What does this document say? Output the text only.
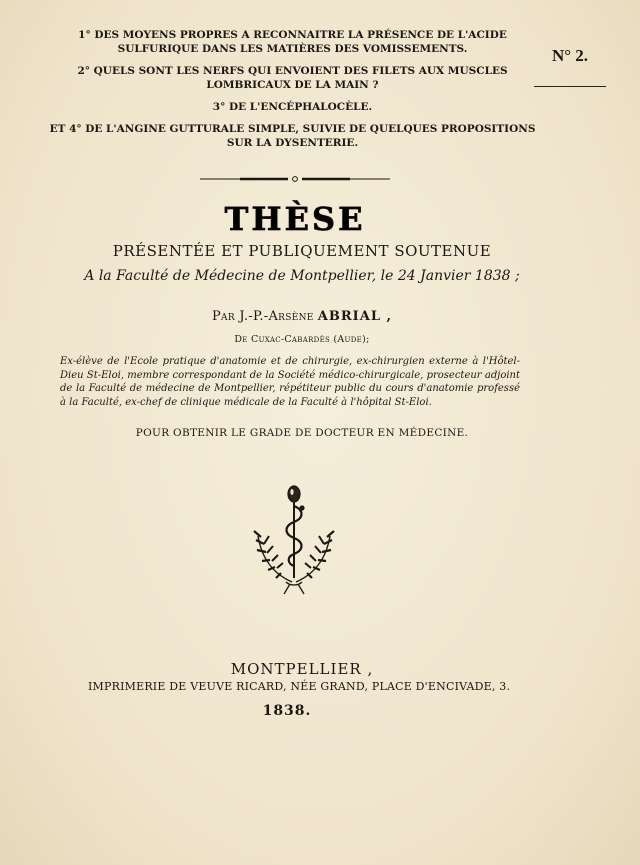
1° DES MOYENS PROPRES A RECONNAITRE LA PRÉSENCE DE L'ACIDE SULFURIQUE DANS LES MATIÈRES DES VOMISSEMENTS.
2° QUELS SONT LES NERFS QUI ENVOIENT DES FILETS AUX MUSCLES LOMBRICAUX DE LA MAIN ?
3° DE L'ENCÉPHALOCÈLE.
ET 4° DE L'ANGINE GUTTURALE SIMPLE, SUIVIE DE QUELQUES PROPOSITIONS SUR LA DYSENTERIE.
N° 2.
THÈSE
PRÉSENTÉE ET PUBLIQUEMENT SOUTENUE
A la Faculté de Médecine de Montpellier, le 24 Janvier 1838 ;
Par J.-P.-Arsène ABRIAL ,
De Cuxac-Cabardès (Aude);
Ex-élève de l'Ecole pratique d'anatomie et de chirurgie, ex-chirurgien externe à l'Hôtel-Dieu St-Eloi, membre correspondant de la Société médico-chirurgicale, prosecteur adjoint de la Faculté de médecine de Montpellier, répétiteur public du cours d'anatomie professé à la Faculté, ex-chef de clinique médicale de la Faculté à l'hôpital St-Eloi.
POUR OBTENIR LE GRADE DE DOCTEUR EN MÉDECINE.
MONTPELLIER ,
IMPRIMERIE DE VEUVE RICARD, NÉE GRAND, PLACE D'ENCIVADE, 3.
1838.
